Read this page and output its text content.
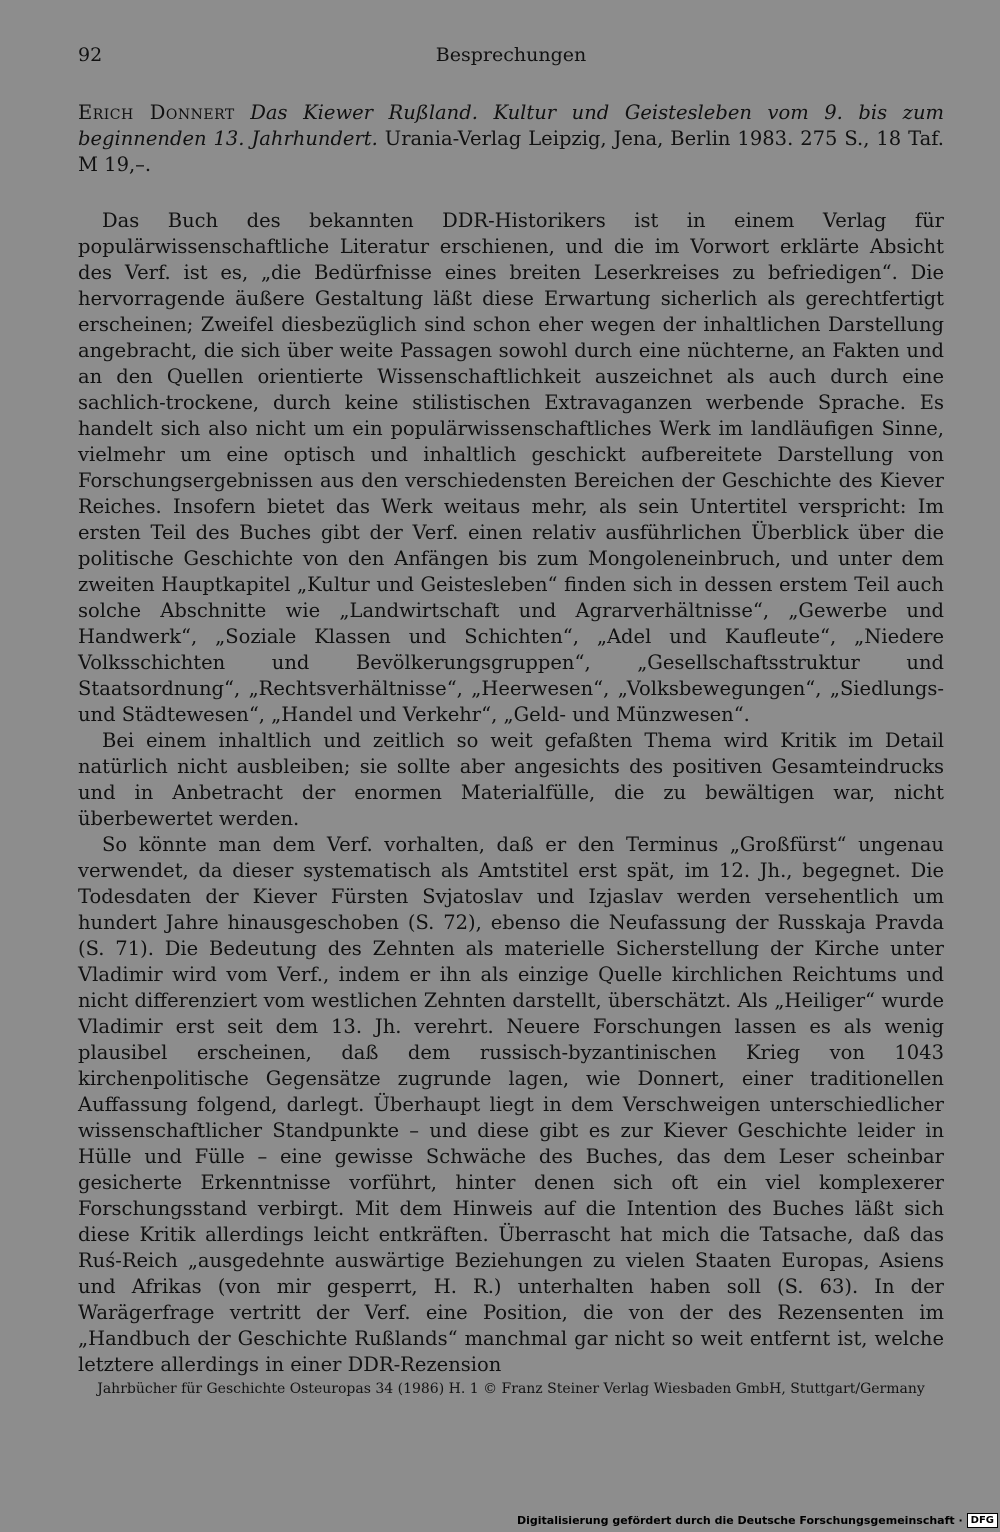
92	Besprechungen
Erich Donnert Das Kiewer Rußland. Kultur und Geistesleben vom 9. bis zum beginnenden 13. Jahrhundert. Urania-Verlag Leipzig, Jena, Berlin 1983. 275 S., 18 Taf. M 19,–.

Das Buch des bekannten DDR-Historikers ist in einem Verlag für populärwissenschaftliche Literatur erschienen, und die im Vorwort erklärte Absicht des Verf. ist es, „die Bedürfnisse eines breiten Leserkreises zu befriedigen“. Die hervorragende äußere Gestaltung läßt diese Erwartung sicherlich als gerechtfertigt erscheinen; Zweifel diesbezüglich sind schon eher wegen der inhaltlichen Darstellung angebracht, die sich über weite Passagen sowohl durch eine nüchterne, an Fakten und an den Quellen orientierte Wissenschaftlichkeit auszeichnet als auch durch eine sachlich-trockene, durch keine stilistischen Extravaganzen werbende Sprache. Es handelt sich also nicht um ein populärwissenschaftliches Werk im landläufigen Sinne, vielmehr um eine optisch und inhaltlich geschickt aufbereitete Darstellung von Forschungsergebnissen aus den verschiedensten Bereichen der Geschichte des Kiever Reiches. Insofern bietet das Werk weitaus mehr, als sein Untertitel verspricht: Im ersten Teil des Buches gibt der Verf. einen relativ ausführlichen Überblick über die politische Geschichte von den Anfängen bis zum Mongoleneinbruch, und unter dem zweiten Hauptkapitel „Kultur und Geistesleben“ finden sich in dessen erstem Teil auch solche Abschnitte wie „Landwirtschaft und Agrarverhältnisse“, „Gewerbe und Handwerk“, „Soziale Klassen und Schichten“, „Adel und Kaufleute“, „Niedere Volksschichten und Bevölkerungsgruppen“, „Gesellschaftsstruktur und Staatsordnung“, „Rechtsverhältnisse“, „Heerwesen“, „Volksbewegungen“, „Siedlungs- und Städtewesen“, „Handel und Verkehr“, „Geld- und Münzwesen“.

Bei einem inhaltlich und zeitlich so weit gefaßten Thema wird Kritik im Detail natürlich nicht ausbleiben; sie sollte aber angesichts des positiven Gesamteindrucks und in Anbetracht der enormen Materialfülle, die zu bewältigen war, nicht überbewertet werden.

So könnte man dem Verf. vorhalten, daß er den Terminus „Großfürst“ ungenau verwendet, da dieser systematisch als Amtstitel erst spät, im 12. Jh., begegnet. Die Todesdaten der Kiever Fürsten Svjatoslav und Izjaslav werden versehentlich um hundert Jahre hinausgeschoben (S. 72), ebenso die Neufassung der Russkaja Pravda (S. 71). Die Bedeutung des Zehnten als materielle Sicherstellung der Kirche unter Vladimir wird vom Verf., indem er ihn als einzige Quelle kirchlichen Reichtums und nicht differenziert vom westlichen Zehnten darstellt, überschätzt. Als „Heiliger“ wurde Vladimir erst seit dem 13. Jh. verehrt. Neuere Forschungen lassen es als wenig plausibel erscheinen, daß dem russisch-byzantinischen Krieg von 1043 kirchenpolitische Gegensätze zugrunde lagen, wie Donnert, einer traditionellen Auffassung folgend, darlegt. Überhaupt liegt in dem Verschweigen unterschiedlicher wissenschaftlicher Standpunkte – und diese gibt es zur Kiever Geschichte leider in Hülle und Fülle – eine gewisse Schwäche des Buches, das dem Leser scheinbar gesicherte Erkenntnisse vorführt, hinter denen sich oft ein viel komplexerer Forschungsstand verbirgt. Mit dem Hinweis auf die Intention des Buches läßt sich diese Kritik allerdings leicht entkräften. Überrascht hat mich die Tatsache, daß das Ruś-Reich „ausgedehnte auswärtige Beziehungen zu vielen Staaten Europas, Asiens und Afrikas (von mir gesperrt, H. R.) unterhalten haben soll (S. 63). In der Warägerfrage vertritt der Verf. eine Position, die von der des Rezensenten im „Handbuch der Geschichte Rußlands“ manchmal gar nicht so weit entfernt ist, welche letztere allerdings in einer DDR-Rezension

Jahrbücher für Geschichte Osteuropas 34 (1986) H. 1 © Franz Steiner Verlag Wiesbaden GmbH, Stuttgart/Germany
Digitalisierung gefördert durch die Deutsche Forschungsgemeinschaft · DFG
